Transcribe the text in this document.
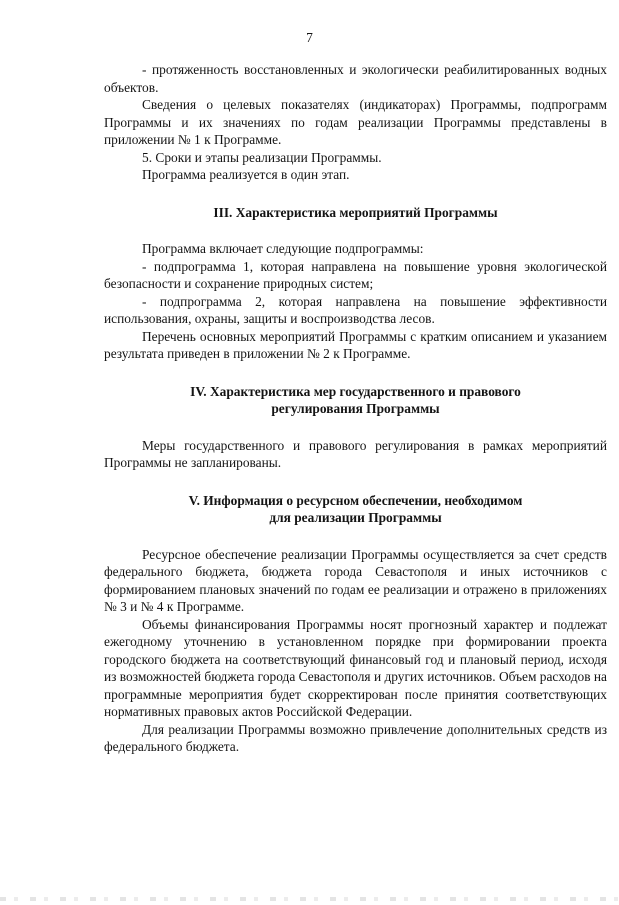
7

- протяженность восстановленных и экологически реабилитированных водных объектов.

Сведения о целевых показателях (индикаторах) Программы, подпрограмм Программы и их значениях по годам реализации Программы представлены в приложении № 1 к Программе.

5. Сроки и этапы реализации Программы.

Программа реализуется в один этап.

III. Характеристика мероприятий Программы

Программа включает следующие подпрограммы:

- подпрограмма 1, которая направлена на повышение уровня экологической безопасности и сохранение природных систем;

- подпрограмма 2, которая направлена на повышение эффективности использования, охраны, защиты и воспроизводства лесов.

Перечень основных мероприятий Программы с кратким описанием и указанием результата приведен в приложении № 2 к Программе.

IV. Характеристика мер государственного и правового
регулирования Программы

Меры государственного и правового регулирования в рамках мероприятий Программы не запланированы.

V. Информация о ресурсном обеспечении, необходимом
для реализации Программы

Ресурсное обеспечение реализации Программы осуществляется за счет средств федерального бюджета, бюджета города Севастополя и иных источников с формированием плановых значений по годам ее реализации и отражено в приложениях № 3 и № 4 к Программе.

Объемы финансирования Программы носят прогнозный характер и подлежат ежегодному уточнению в установленном порядке при формировании проекта городского бюджета на соответствующий финансовый год и плановый период, исходя из возможностей бюджета города Севастополя и других источников. Объем расходов на программные мероприятия будет скорректирован после принятия соответствующих нормативных правовых актов Российской Федерации.

Для реализации Программы возможно привлечение дополнительных средств из федерального бюджета.
